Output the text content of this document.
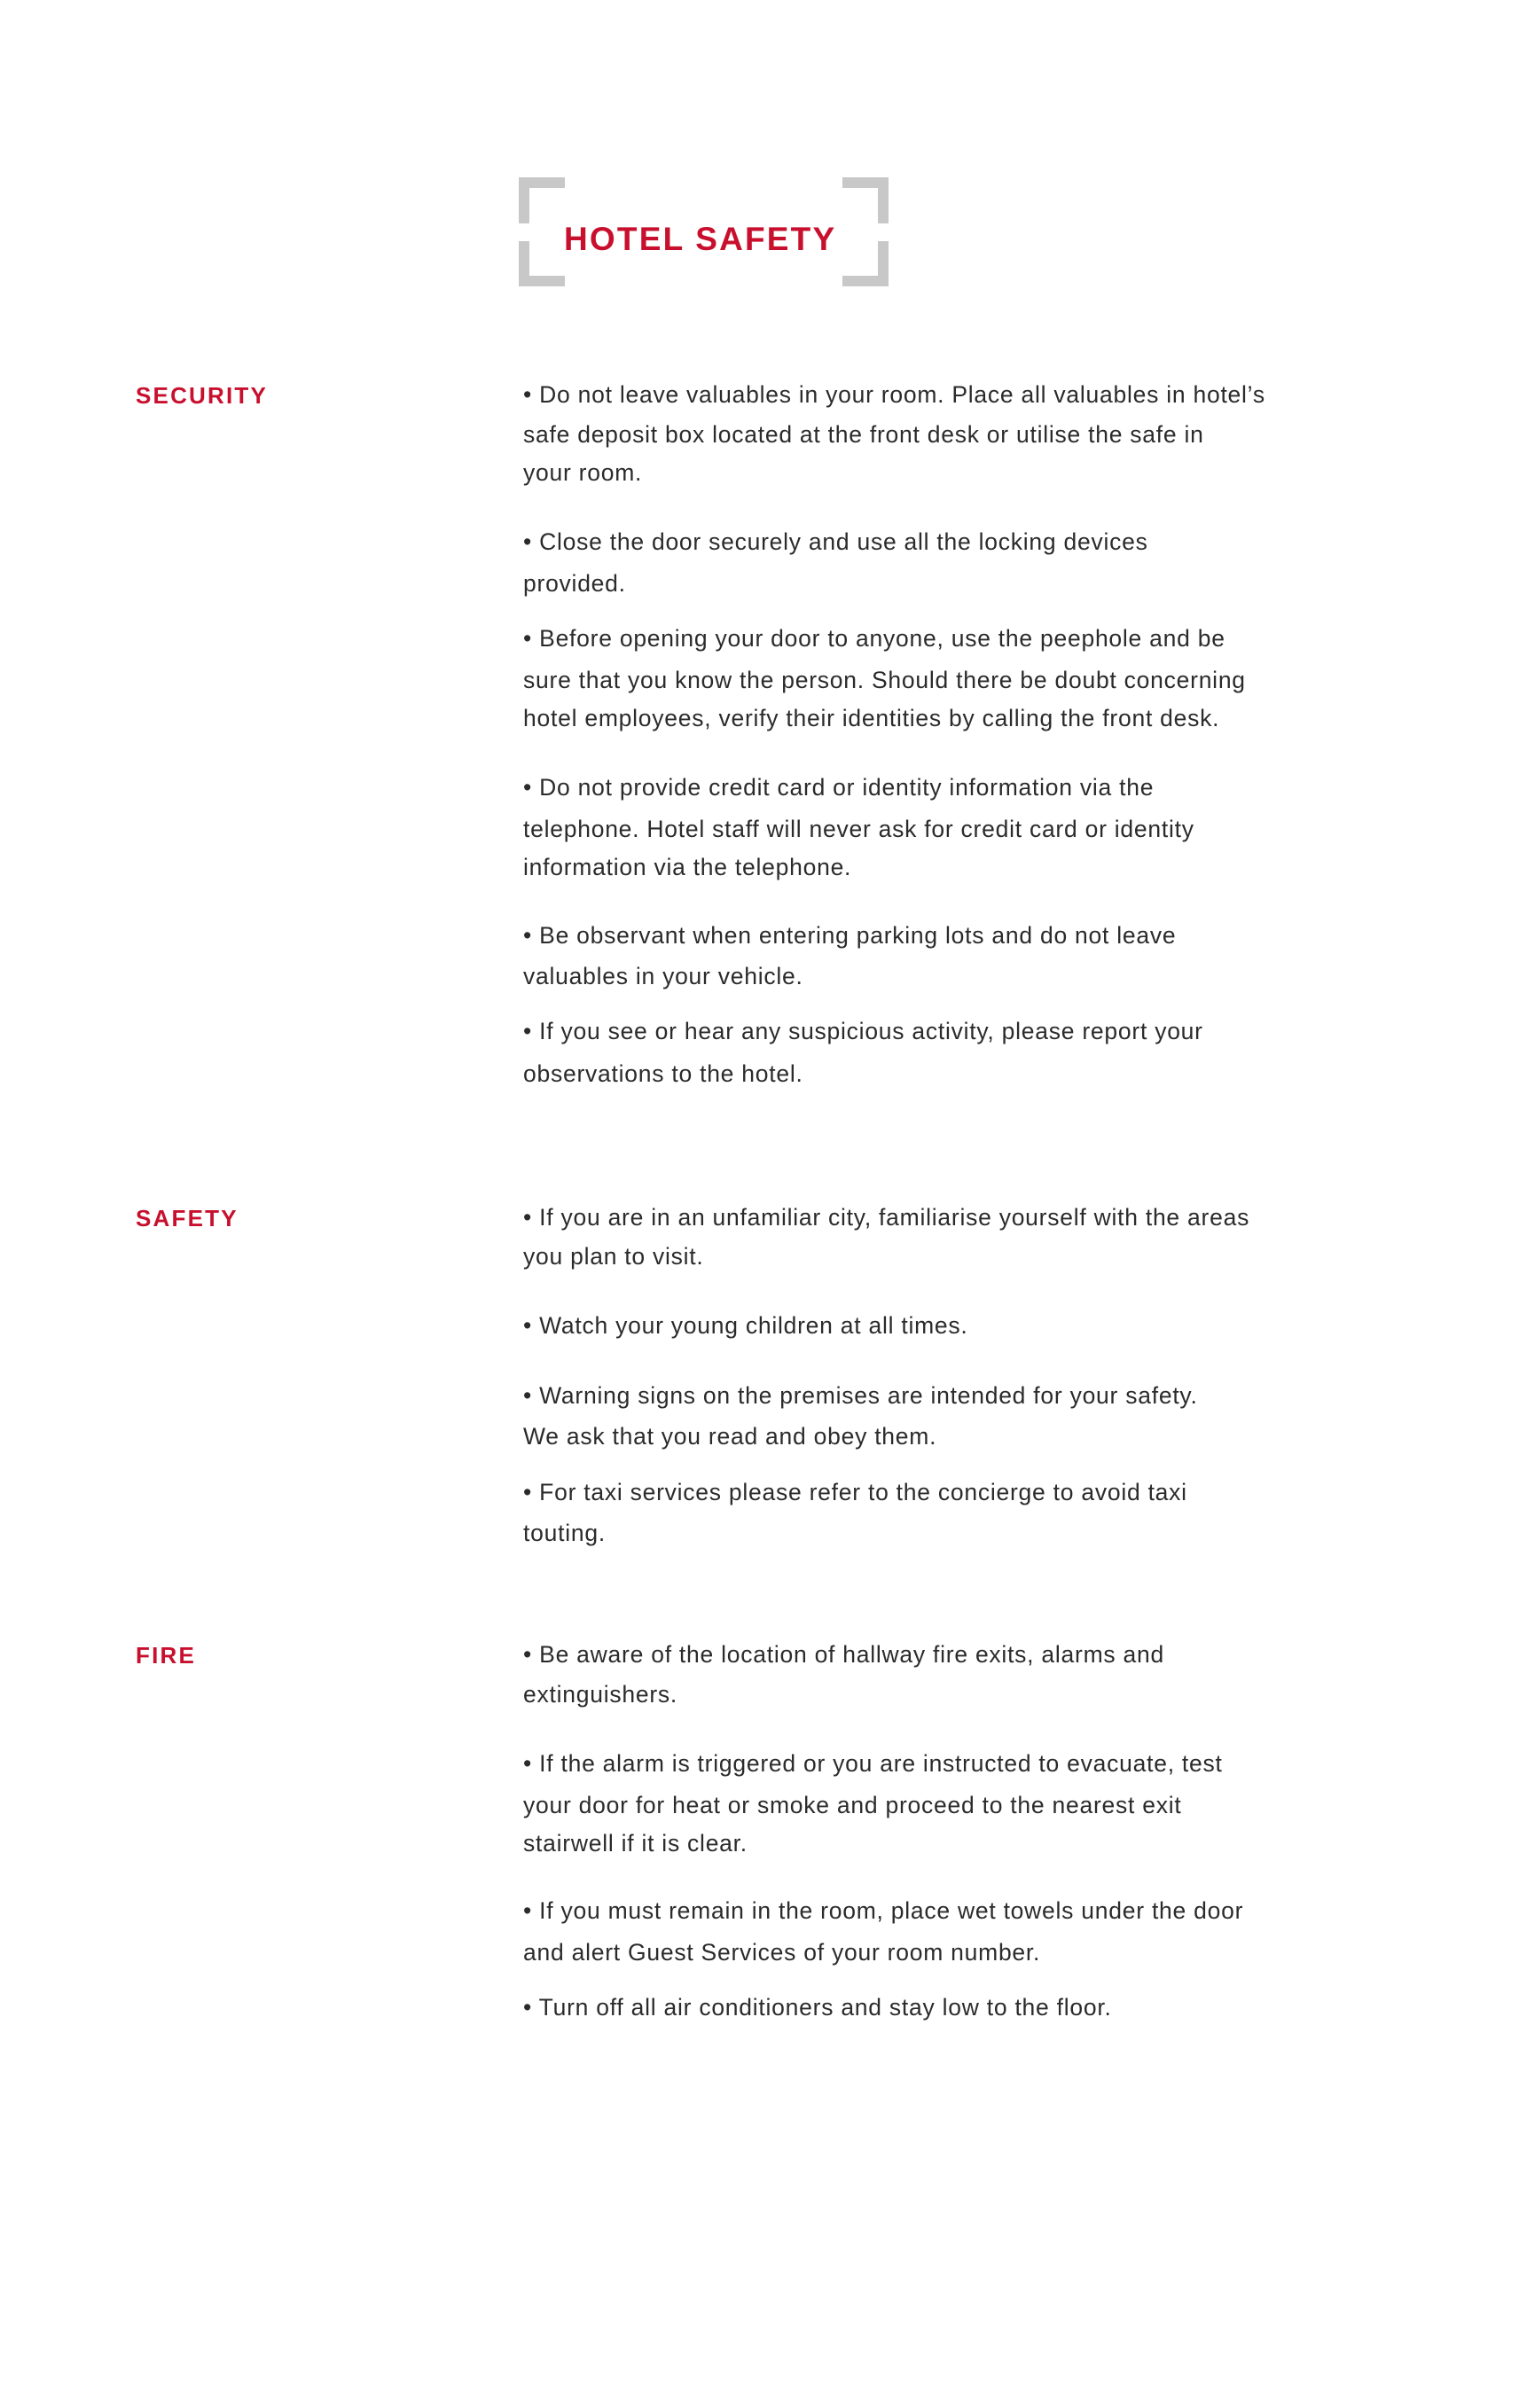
HOTEL SAFETY
SECURITY	• Do not leave valuables in your room. Place all valuables in hotel’s
safe deposit box located at the front desk or utilise the safe in
your room.
• Close the door securely and use all the locking devices
provided.
• Before opening your door to anyone, use the peephole and be
sure that you know the person. Should there be doubt concerning
hotel employees, verify their identities by calling the front desk.
• Do not provide credit card or identity information via the
telephone. Hotel staff will never ask for credit card or identity
information via the telephone.
• Be observant when entering parking lots and do not leave
valuables in your vehicle.
• If you see or hear any suspicious activity, please report your
observations to the hotel.
SAFETY	• If you are in an unfamiliar city, familiarise yourself with the areas
you plan to visit.
• Watch your young children at all times.
• Warning signs on the premises are intended for your safety.
We ask that you read and obey them.
• For taxi services please refer to the concierge to avoid taxi
touting.
FIRE	• Be aware of the location of hallway fire exits, alarms and
extinguishers.
• If the alarm is triggered or you are instructed to evacuate, test
your door for heat or smoke and proceed to the nearest exit
stairwell if it is clear.
• If you must remain in the room, place wet towels under the door
and alert Guest Services of your room number.
• Turn off all air conditioners and stay low to the floor.
